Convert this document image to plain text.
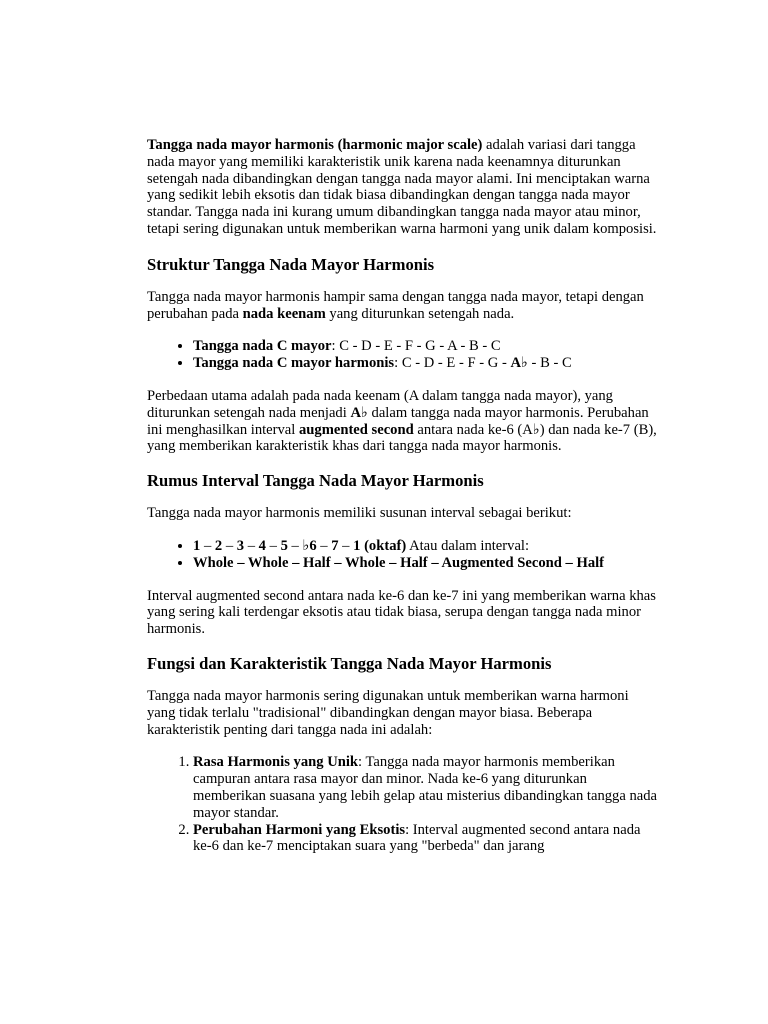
Tangga nada mayor harmonis (harmonic major scale) adalah variasi dari tangga nada mayor yang memiliki karakteristik unik karena nada keenamnya diturunkan setengah nada dibandingkan dengan tangga nada mayor alami. Ini menciptakan warna yang sedikit lebih eksotis dan tidak biasa dibandingkan dengan tangga nada mayor standar. Tangga nada ini kurang umum dibandingkan tangga nada mayor atau minor, tetapi sering digunakan untuk memberikan warna harmoni yang unik dalam komposisi.

Struktur Tangga Nada Mayor Harmonis

Tangga nada mayor harmonis hampir sama dengan tangga nada mayor, tetapi dengan perubahan pada nada keenam yang diturunkan setengah nada.

• Tangga nada C mayor: C - D - E - F - G - A - B - C
• Tangga nada C mayor harmonis: C - D - E - F - G - A♭ - B - C

Perbedaan utama adalah pada nada keenam (A dalam tangga nada mayor), yang diturunkan setengah nada menjadi A♭ dalam tangga nada mayor harmonis. Perubahan ini menghasilkan interval augmented second antara nada ke-6 (A♭) dan nada ke-7 (B), yang memberikan karakteristik khas dari tangga nada mayor harmonis.

Rumus Interval Tangga Nada Mayor Harmonis

Tangga nada mayor harmonis memiliki susunan interval sebagai berikut:

• 1 – 2 – 3 – 4 – 5 – ♭6 – 7 – 1 (oktaf) Atau dalam interval:
• Whole – Whole – Half – Whole – Half – Augmented Second – Half

Interval augmented second antara nada ke-6 dan ke-7 ini yang memberikan warna khas yang sering kali terdengar eksotis atau tidak biasa, serupa dengan tangga nada minor harmonis.

Fungsi dan Karakteristik Tangga Nada Mayor Harmonis

Tangga nada mayor harmonis sering digunakan untuk memberikan warna harmoni yang tidak terlalu "tradisional" dibandingkan dengan mayor biasa. Beberapa karakteristik penting dari tangga nada ini adalah:

1. Rasa Harmonis yang Unik: Tangga nada mayor harmonis memberikan campuran antara rasa mayor dan minor. Nada ke-6 yang diturunkan memberikan suasana yang lebih gelap atau misterius dibandingkan tangga nada mayor standar.
2. Perubahan Harmoni yang Eksotis: Interval augmented second antara nada ke-6 dan ke-7 menciptakan suara yang "berbeda" dan jarang
